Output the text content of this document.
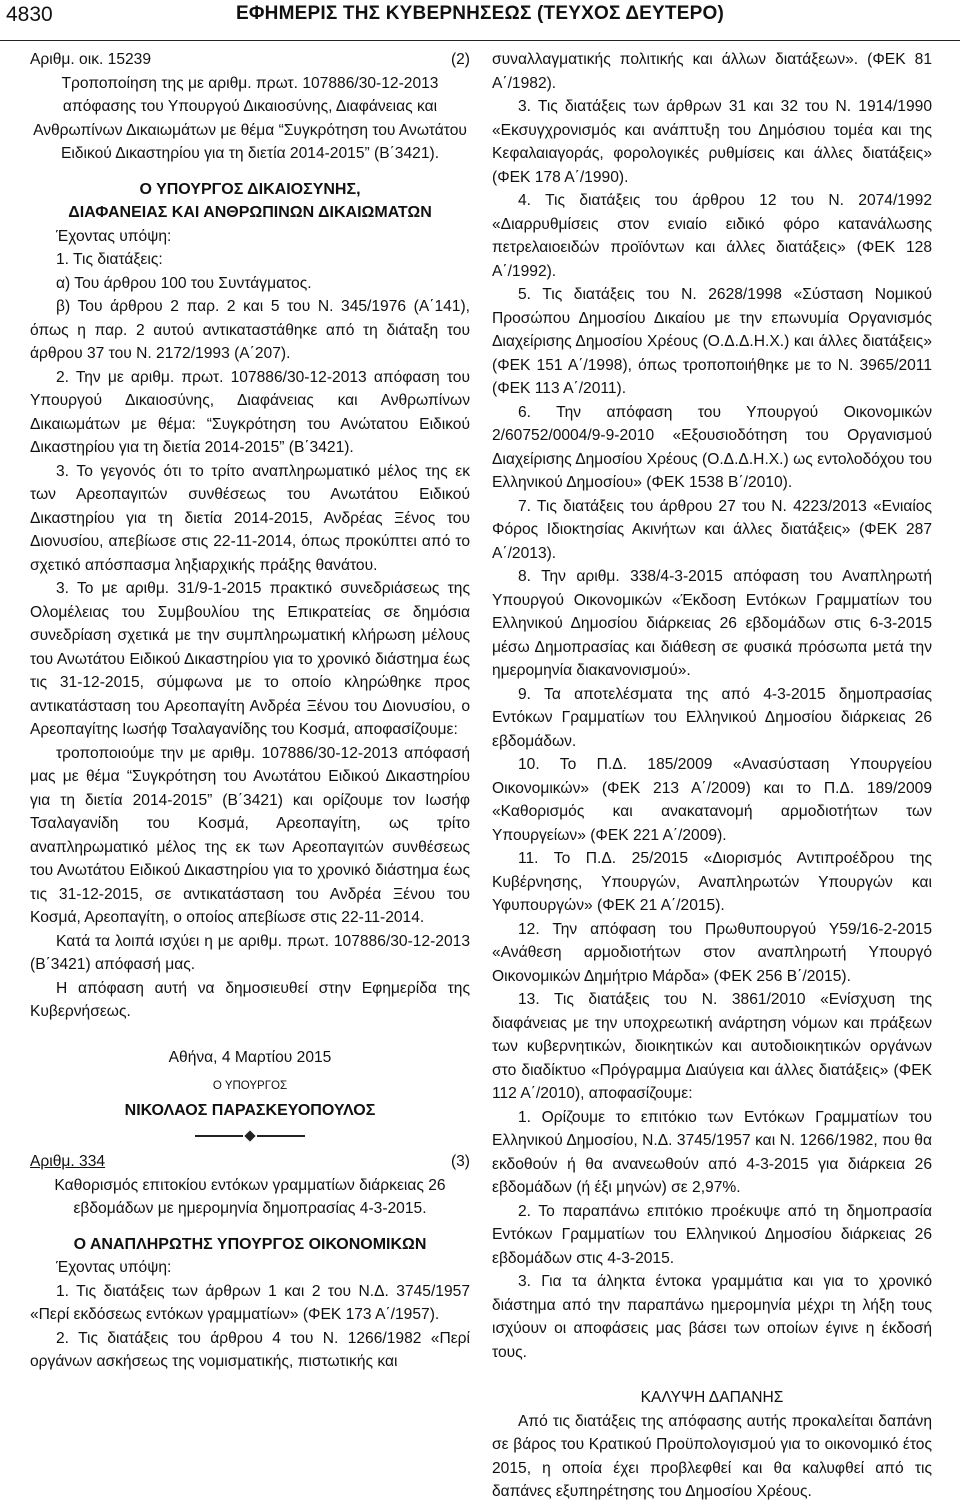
4830	ΕΦΗΜΕΡΙΣ ΤΗΣ ΚΥΒΕΡΝΗΣΕΩΣ (ΤΕΥΧΟΣ ΔΕΥΤΕΡΟ)

Αριθμ. οικ. 15239	(2)

Τροποποίηση της με αριθμ. πρωτ. 107886/30-12-2013 απόφασης του Υπουργού Δικαιοσύνης, Διαφάνειας και Ανθρωπίνων Δικαιωμάτων με θέμα “Συγκρότηση του Ανωτάτου Ειδικού Δικαστηρίου για τη διετία 2014-2015” (Β΄3421).

Ο ΥΠΟΥΡΓΟΣ ΔΙΚΑΙΟΣΥΝΗΣ,

ΔΙΑΦΑΝΕΙΑΣ ΚΑΙ ΑΝΘΡΩΠΙΝΩΝ ΔΙΚΑΙΩΜΑΤΩΝ

Έχοντας υπόψη:

1. Τις διατάξεις:

α) Του άρθρου 100 του Συντάγματος.

β) Του άρθρου 2 παρ. 2 και 5 του Ν. 345/1976 (Α΄141), όπως η παρ. 2 αυτού αντικαταστάθηκε από τη διάταξη του άρθρου 37 του Ν. 2172/1993 (Α΄207).

2. Την με αριθμ. πρωτ. 107886/30-12-2013 απόφαση του Υπουργού Δικαιοσύνης, Διαφάνειας και Ανθρωπίνων Δικαιωμάτων με θέμα: “Συγκρότηση του Ανώτατου Ειδικού Δικαστηρίου για τη διετία 2014-2015” (Β΄3421).

3. Το γεγονός ότι το τρίτο αναπληρωματικό μέλος της εκ των Αρεοπαγιτών συνθέσεως του Ανωτάτου Ειδικού Δικαστηρίου για τη διετία 2014-2015, Ανδρέας Ξένος του Διονυσίου, απεβίωσε στις 22-11-2014, όπως προκύπτει από το σχετικό απόσπασμα ληξιαρχικής πράξης θανάτου.

3. Το με αριθμ. 31/9-1-2015 πρακτικό συνεδριάσεως της Ολομέλειας του Συμβουλίου της Επικρατείας σε δημόσια συνεδρίαση σχετικά με την συμπληρωματική κλήρωση μέλους του Ανωτάτου Ειδικού Δικαστηρίου για το χρονικό διάστημα έως τις 31-12-2015, σύμφωνα με το οποίο κληρώθηκε προς αντικατάσταση του Αρεοπαγίτη Ανδρέα Ξένου του Διονυσίου, ο Αρεοπαγίτης Ιωσήφ Τσαλαγανίδης του Κοσμά, αποφασίζουμε:

τροποποιούμε την με αριθμ. 107886/30-12-2013 απόφασή μας με θέμα “Συγκρότηση του Ανωτάτου Ειδικού Δικαστηρίου για τη διετία 2014-2015” (Β΄3421) και ορίζουμε τον Ιωσήφ Τσαλαγανίδη του Κοσμά, Αρεοπαγίτη, ως τρίτο αναπληρωματικό μέλος της εκ των Αρεοπαγιτών συνθέσεως του Ανωτάτου Ειδικού Δικαστηρίου για το χρονικό διάστημα έως τις 31-12-2015, σε αντικατάσταση του Ανδρέα Ξένου του Κοσμά, Αρεοπαγίτη, ο οποίος απεβίωσε στις 22-11-2014.

Κατά τα λοιπά ισχύει η με αριθμ. πρωτ. 107886/30-12-2013 (Β΄3421) απόφασή μας.

Η απόφαση αυτή να δημοσιευθεί στην Εφημερίδα της Κυβερνήσεως.

Αθήνα, 4 Μαρτίου 2015

Ο ΥΠΟΥΡΓΟΣ

ΝΙΚΟΛΑΟΣ ΠΑΡΑΣΚΕΥΟΠΟΥΛΟΣ

Αριθμ. 334	(3)

Καθορισμός επιτοκίου εντόκων γραμματίων διάρκειας 26 εβδομάδων με ημερομηνία δημοπρασίας 4-3-2015.

Ο ΑΝΑΠΛΗΡΩΤΗΣ ΥΠΟΥΡΓΟΣ ΟΙΚΟΝΟΜΙΚΩΝ

Έχοντας υπόψη:

1. Τις διατάξεις των άρθρων 1 και 2 του Ν.Δ. 3745/1957 «Περί εκδόσεως εντόκων γραμματίων» (ΦΕΚ 173 Α΄/1957).

2. Τις διατάξεις του άρθρου 4 του Ν. 1266/1982 «Περί οργάνων ασκήσεως της νομισματικής, πιστωτικής και

συναλλαγματικής πολιτικής και άλλων διατάξεων». (ΦΕΚ 81 Α΄/1982).

3. Τις διατάξεις των άρθρων 31 και 32 του Ν. 1914/1990 «Εκσυγχρονισμός και ανάπτυξη του Δημόσιου τομέα και της Κεφαλαιαγοράς, φορολογικές ρυθμίσεις και άλλες διατάξεις» (ΦΕΚ 178 Α΄/1990).

4. Τις διατάξεις του άρθρου 12 του Ν. 2074/1992 «Διαρρυθμίσεις στον ενιαίο ειδικό φόρο κατανάλωσης πετρελαιοειδών προϊόντων και άλλες διατάξεις» (ΦΕΚ 128 Α΄/1992).

5. Τις διατάξεις του Ν. 2628/1998 «Σύσταση Νομικού Προσώπου Δημοσίου Δικαίου με την επωνυμία Οργανισμός Διαχείρισης Δημοσίου Χρέους (Ο.Δ.Δ.Η.Χ.) και άλλες διατάξεις» (ΦΕΚ 151 Α΄/1998), όπως τροποποιήθηκε με το Ν. 3965/2011 (ΦΕΚ 113 Α΄/2011).

6. Την απόφαση του Υπουργού Οικονομικών 2/60752/0004/9-9-2010 «Εξουσιοδότηση του Οργανισμού Διαχείρισης Δημοσίου Χρέους (Ο.Δ.Δ.Η.Χ.) ως εντολοδόχου του Ελληνικού Δημοσίου» (ΦΕΚ 1538 Β΄/2010).

7. Τις διατάξεις του άρθρου 27 του Ν. 4223/2013 «Ενιαίος Φόρος Ιδιοκτησίας Ακινήτων και άλλες διατάξεις» (ΦΕΚ 287 Α΄/2013).

8. Την αριθμ. 338/4-3-2015 απόφαση του Αναπληρωτή Υπουργού Οικονομικών «Έκδοση Εντόκων Γραμματίων του Ελληνικού Δημοσίου διάρκειας 26 εβδομάδων στις 6-3-2015 μέσω Δημοπρασίας και διάθεση σε φυσικά πρόσωπα μετά την ημερομηνία διακανονισμού».

9. Τα αποτελέσματα της από 4-3-2015 δημοπρασίας Εντόκων Γραμματίων του Ελληνικού Δημοσίου διάρκειας 26 εβδομάδων.

10. Το Π.Δ. 185/2009 «Ανασύσταση Υπουργείου Οικονομικών» (ΦΕΚ 213 Α΄/2009) και το Π.Δ. 189/2009 «Καθορισμός και ανακατανομή αρμοδιοτήτων των Υπουργείων» (ΦΕΚ 221 Α΄/2009).

11. Το Π.Δ. 25/2015 «Διορισμός Αντιπροέδρου της Κυβέρνησης, Υπουργών, Αναπληρωτών Υπουργών και Υφυπουργών» (ΦΕΚ 21 Α΄/2015).

12. Την απόφαση του Πρωθυπουργού Υ59/16-2-2015 «Ανάθεση αρμοδιοτήτων στον αναπληρωτή Υπουργό Οικονομικών Δημήτριο Μάρδα» (ΦΕΚ 256 Β΄/2015).

13. Τις διατάξεις του Ν. 3861/2010 «Ενίσχυση της διαφάνειας με την υποχρεωτική ανάρτηση νόμων και πράξεων των κυβερνητικών, διοικητικών και αυτοδιοικητικών οργάνων στο διαδίκτυο «Πρόγραμμα Διαύγεια και άλλες διατάξεις» (ΦΕΚ 112 Α΄/2010), αποφασίζουμε:

1. Ορίζουμε το επιτόκιο των Εντόκων Γραμματίων του Ελληνικού Δημοσίου, Ν.Δ. 3745/1957 και Ν. 1266/1982, που θα εκδοθούν ή θα ανανεωθούν από 4-3-2015 για διάρκεια 26 εβδομάδων (ή έξι μηνών) σε 2,97%.

2. Το παραπάνω επιτόκιο προέκυψε από τη δημοπρασία Εντόκων Γραμματίων του Ελληνικού Δημοσίου διάρκειας 26 εβδομάδων στις 4-3-2015.

3. Για τα άληκτα έντοκα γραμμάτια και για το χρονικό διάστημα από την παραπάνω ημερομηνία μέχρι τη λήξη τους ισχύουν οι αποφάσεις μας βάσει των οποίων έγινε η έκδοσή τους.

ΚΑΛΥΨΗ ΔΑΠΑΝΗΣ

Από τις διατάξεις της απόφασης αυτής προκαλείται δαπάνη σε βάρος του Κρατικού Προϋπολογισμού για το οικονομικό έτος 2015, η οποία έχει προβλεφθεί και θα καλυφθεί από τις δαπάνες εξυπηρέτησης του Δημοσίου Χρέους.
